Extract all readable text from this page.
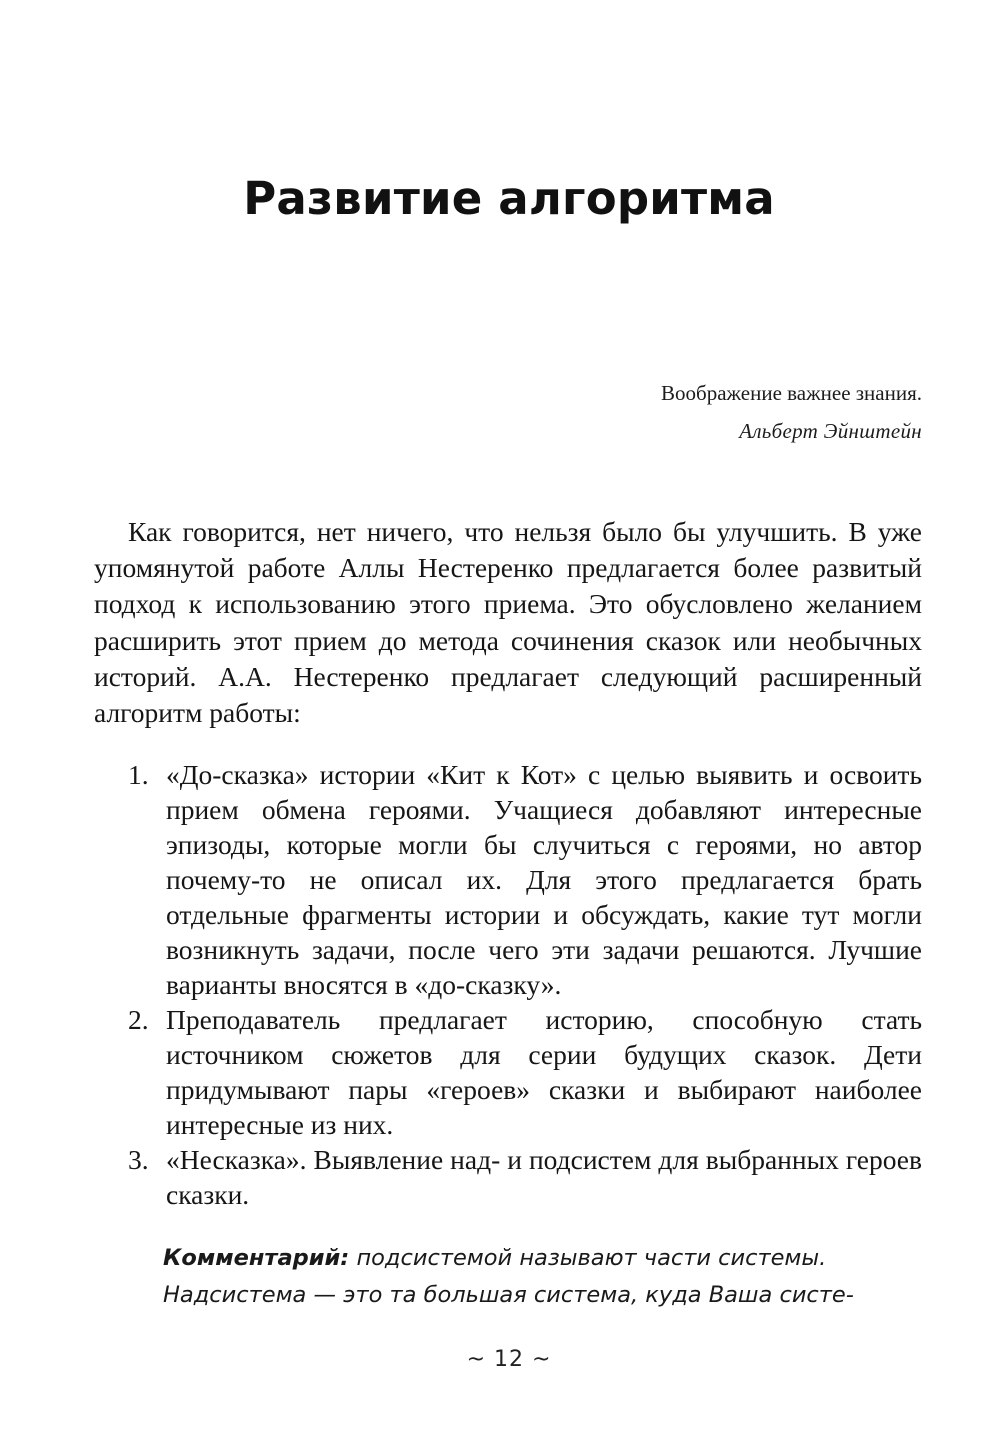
Развитие алгоритма
Воображение важнее знания.
Альберт Эйнштейн

Как говорится, нет ничего, что нельзя было бы улучшить. В уже упомянутой работе Аллы Нестеренко предлагается более развитый подход к использованию этого приема. Это обусловлено желанием расширить этот прием до метода сочинения сказок или необычных историй. А.А. Нестеренко предлагает следующий расширенный алгоритм работы:

1. «До-сказка» истории «Кит к Кот» с целью выявить и освоить прием обмена героями. Учащиеся добавляют интересные эпизоды, которые могли бы случиться с героями, но автор почему-то не описал их. Для этого предлагается брать отдельные фрагменты истории и обсуждать, какие тут могли возникнуть задачи, после чего эти задачи решаются. Лучшие варианты вносятся в «до-сказку».
2. Преподаватель предлагает историю, способную стать источником сюжетов для серии будущих сказок. Дети придумывают пары «героев» сказки и выбирают наиболее интересные из них.
3. «Несказка». Выявление над- и подсистем для выбранных героев сказки.

Комментарий: подсистемой называют части системы. Надсистема — это та большая система, куда Ваша систе-

~ 12 ~
